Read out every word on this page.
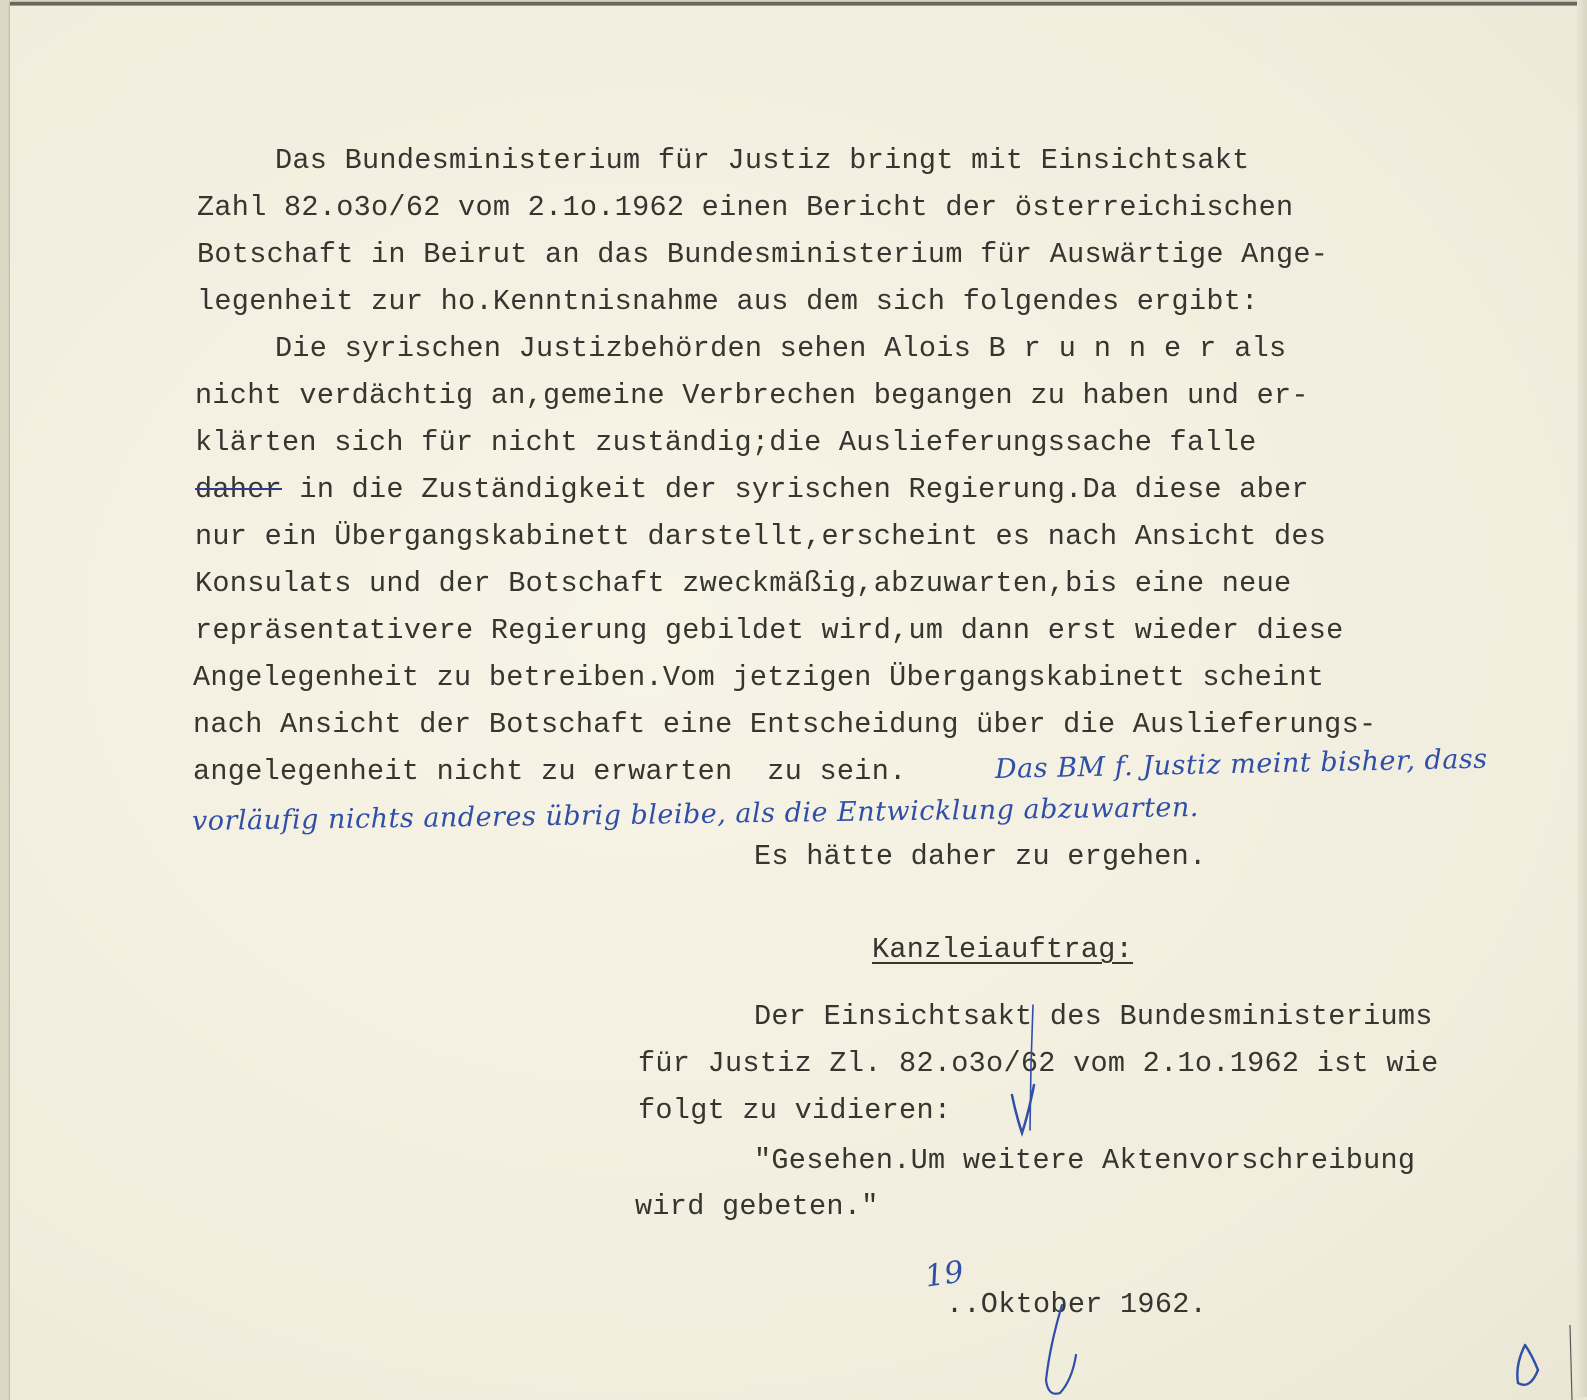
Das Bundesministerium für Justiz bringt mit Einsichtsakt

Zahl 82.o3o/62 vom 2.1o.1962 einen Bericht der österreichischen

Botschaft in Beirut an das Bundesministerium für Auswärtige Ange-

legenheit zur ho.Kenntnisnahme aus dem sich folgendes ergibt:

Die syrischen Justizbehörden sehen Alois Brunnerals

nicht verdächtig an,gemeine Verbrechen begangen zu haben und er-

klärten sich für nicht zuständig;die Auslieferungssache falle

daher in die Zuständigkeit der syrischen Regierung.Da diese aber

nur ein Übergangskabinett darstellt,erscheint es nach Ansicht des

Konsulats und der Botschaft zweckmäßig,abzuwarten,bis eine neue

repräsentativere Regierung gebildet wird,um dann erst wieder diese

Angelegenheit zu betreiben.Vom jetzigen Übergangskabinett scheint

nach Ansicht der Botschaft eine Entscheidung über die Auslieferungs-

angelegenheit nicht zu erwarten  zu sein.	Das BM f. Justiz meint bisher, dass

vorläufig nichts anderes übrig bleibe, als die Entwicklung abzuwarten.

Es hätte daher zu ergehen.

Kanzleiauftrag:

Der Einsichtsakt des Bundesministeriums

für Justiz Zl. 82.o3o/62 vom 2.1o.1962 ist wie

folgt zu vidieren:

"Gesehen.Um weitere Aktenvorschreibung

wird gebeten."

19

..Oktober 1962.
